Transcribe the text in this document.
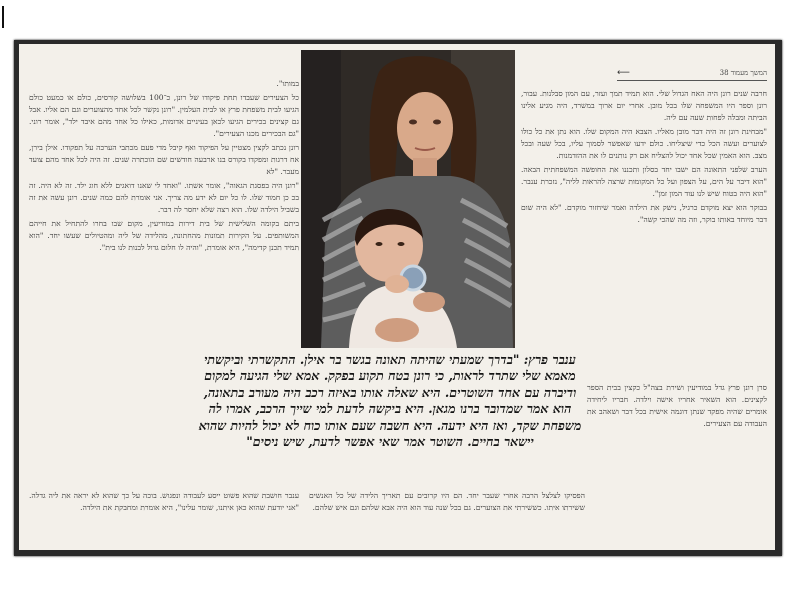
המשך מעמוד 38
⟵

במותו".

כל הצעירים שעבדו תחת פיקודו של רונן, כ־100 בשלושה קורסים, כולם או כמעט כולם הגיעו לבית משפחת פרץ או לבית העלמין. "רונן נקשר לכל אחד מהצוערים וגם הם אליו. אבל גם קצינים בכירים הגיעו לכאן בעיניים אדומות, כאילו כל אחד מהם איבד ילד", אומר רוני. "גם הבכירים מכנו הצעירים".

רונן נכתב לקצין מצטיין על הפיקוד ואף קיבל מדי פעם מכתבי הערכה על תפקודו. אילן בירן, אח דרגות ומפקדו בקורס בנו ארבעה חודשים שם הוכתרה שנים. זה היה לכל אחד מהם צועד מעבר. "לא

"רונן היה בפסגת הגאוה", אומר אשתו. "ואחד לי שאנו דואגים ללא חוג ילד. זה לא היה. זה בכ כן חמוד שלו. לו כל יום לא ידע מה צריך. אני אומרת להם כמה שנים. רונן עשה את זה בשביל הילדה שלו. הוא רצה שלא יחסר לה דבר.

ביתם בקומה השלישית של בית דירות במודיעין, מקום שבו בחרו להתחיל את חייהם המשותפים. על הקירות תמונות מהחתונה, מהלידה של ליה ומהטיולים שעשו יחד. "הוא תמיד תכנן קדימה", היא אומרת, "והיה לו חלום גדול לבנות לנו בית".

חרבה שנים רונן היה האח הגדול שלי. הוא תמיד תמך ועזר, עם המון סבלנות. עבור, רונן וספר היו המשפחה שלו בכל מובן. אחרי יום ארוך במשרד, היה מגיע אלינו הביתה ומבלה לפחות שעה עם ליה.

"מבחינת רונן זה היה דבר מובן מאליו. הצבא היה המקום שלו. הוא נתן את כל כולו לצוערים ועשה הכל כדי שיצליחו. כולם ידעו שאפשר לסמוך עליו, בכל שעה ובכל מצב. הוא האמין שכל אחד יכול להצליח אם רק נותנים לו את ההזדמנות.

הערב שלפני התאונה הם ישבו יחד בסלון ותכננו את החופשה המשפחתית הבאה. "הוא דיבר על הים, על הצפון ועל כל המקומות שרצה להראות לליה", נזכרת ענבר. "הוא היה בטוח שיש לנו עוד המון זמן".

בבוקר הוא יצא מוקדם כרגיל, נישק את הילדה ואמר שיחזור מוקדם. "לא היה שום דבר מיוחד באותו בוקר, וזה מה שהכי קשה".

ענבר פרץ: "בדרך שמעתי שהיתה תאונה בגשר בר אילן. התקשרתי וביקשתי מאמא שלי שתרד לראות, כי רונן בטח תקוע בפקק. אמא שלי הגיעה למקום ודיברה עם אחד השוטרים. היא שאלה אותו באיזה רכב היה מעורב בתאונה, הוא אמר שמדובר ברנו מגאן. היא ביקשה לדעת למי שייך הרכב, אמרו לה משפחת שקד, ואז היא ידעה. היא חשבה שעם אותו כוח לא יכול להיות שהוא יישאר בחיים. השוטר אמר שאי אפשר לדעת, שיש ניסים"

סרן רונן פרץ גדל במודיעין ושירת בצה"ל כקצין בבית הספר לקצינים. הוא השאיר אחריו אישה וילדה. חבריו ליחידה אומרים שהיה מפקד שנתן דוגמה אישית בכל דבר ושאהב את העבודה עם הצעירים.

ענבר חושבת שהוא פשוט ייסע לעבודה ונפגוש. בוכה על כך שהוא לא יראה את ליה גדלה. "אני יודעת שהוא כאן איתנו, שומר עלינו", היא אומרת ומחבקת את הילדה.

הפסיקו לצלצל הרבה אחרי שעבר יחד. הם היו קרובים עם תאריך הלידה של כל האנשים ששירתו איתו. כששירתי את הצוערים. גם בכל שנה עוד הוא היה אבא שלהם וגם איש שלהם.
